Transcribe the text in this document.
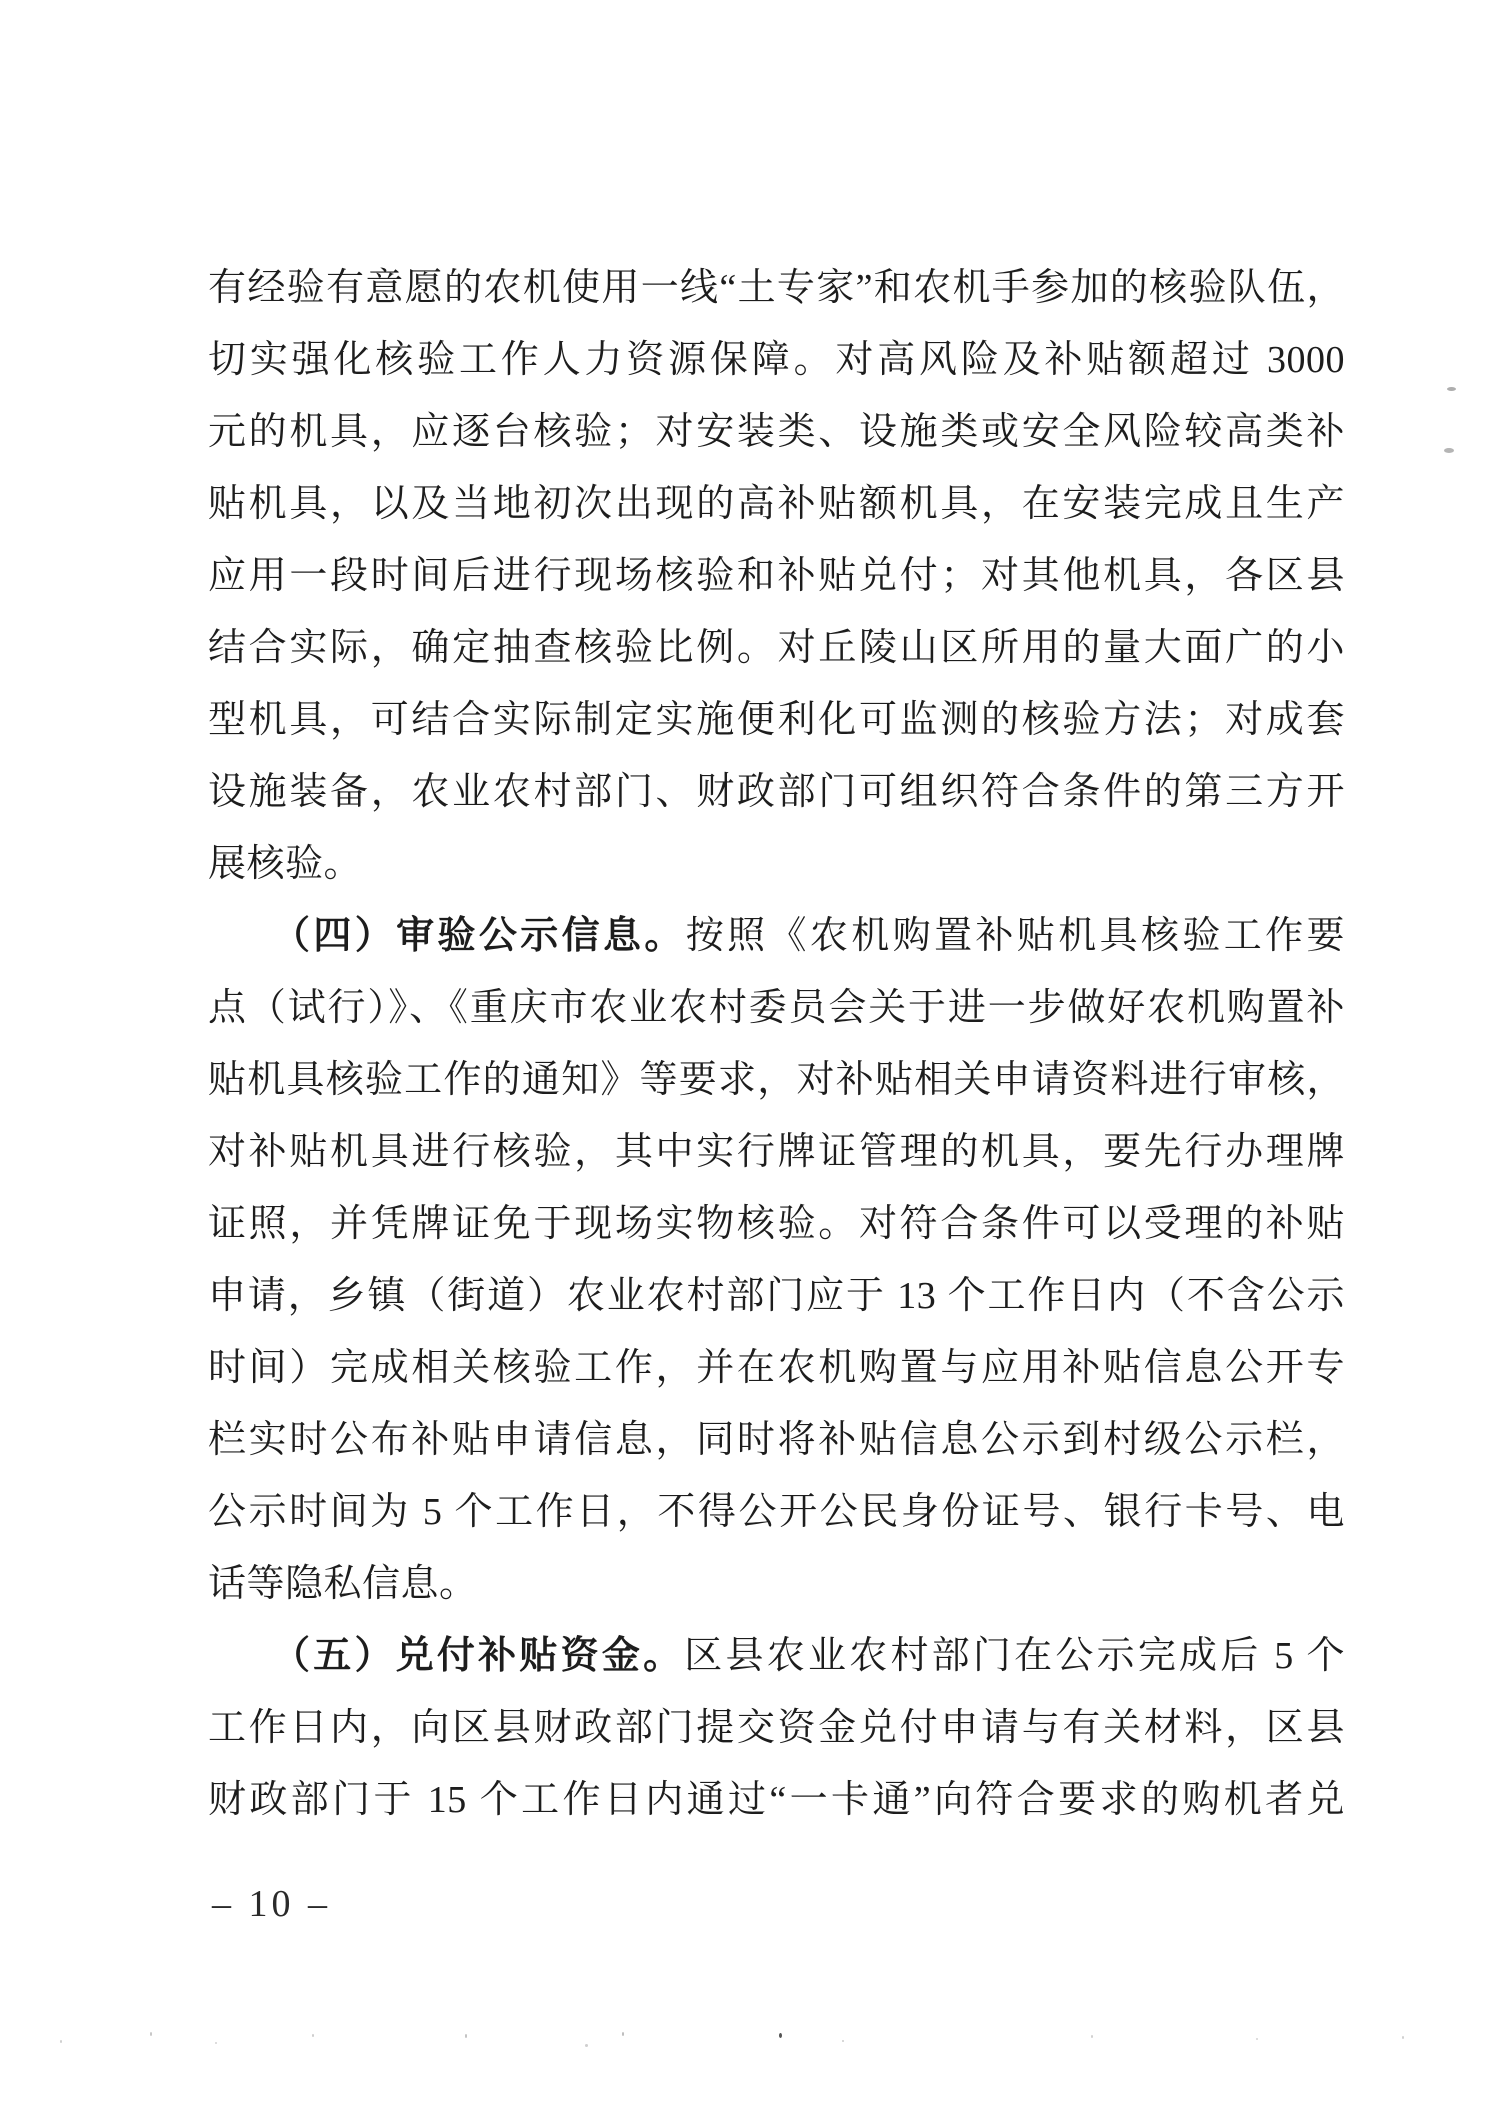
有经验有意愿的农机使用一线“土专家”和农机手参加的核验队伍，
切实强化核验工作人力资源保障。对高风险及补贴额超过 3000
元的机具，应逐台核验；对安装类、设施类或安全风险较高类补
贴机具，以及当地初次出现的高补贴额机具，在安装完成且生产
应用一段时间后进行现场核验和补贴兑付；对其他机具，各区县
结合实际，确定抽查核验比例。对丘陵山区所用的量大面广的小
型机具，可结合实际制定实施便利化可监测的核验方法；对成套
设施装备，农业农村部门、财政部门可组织符合条件的第三方开
展核验。
（四）审验公示信息。按照《农机购置补贴机具核验工作要
点（试行）》、《重庆市农业农村委员会关于进一步做好农机购置补
贴机具核验工作的通知》等要求，对补贴相关申请资料进行审核，
对补贴机具进行核验，其中实行牌证管理的机具，要先行办理牌
证照，并凭牌证免于现场实物核验。对符合条件可以受理的补贴
申请，乡镇（街道）农业农村部门应于 13 个工作日内（不含公示
时间）完成相关核验工作，并在农机购置与应用补贴信息公开专
栏实时公布补贴申请信息，同时将补贴信息公示到村级公示栏，
公示时间为 5 个工作日，不得公开公民身份证号、银行卡号、电
话等隐私信息。
（五）兑付补贴资金。区县农业农村部门在公示完成后 5 个
工作日内，向区县财政部门提交资金兑付申请与有关材料，区县
财政部门于 15 个工作日内通过“一卡通”向符合要求的购机者兑
– 10 –
